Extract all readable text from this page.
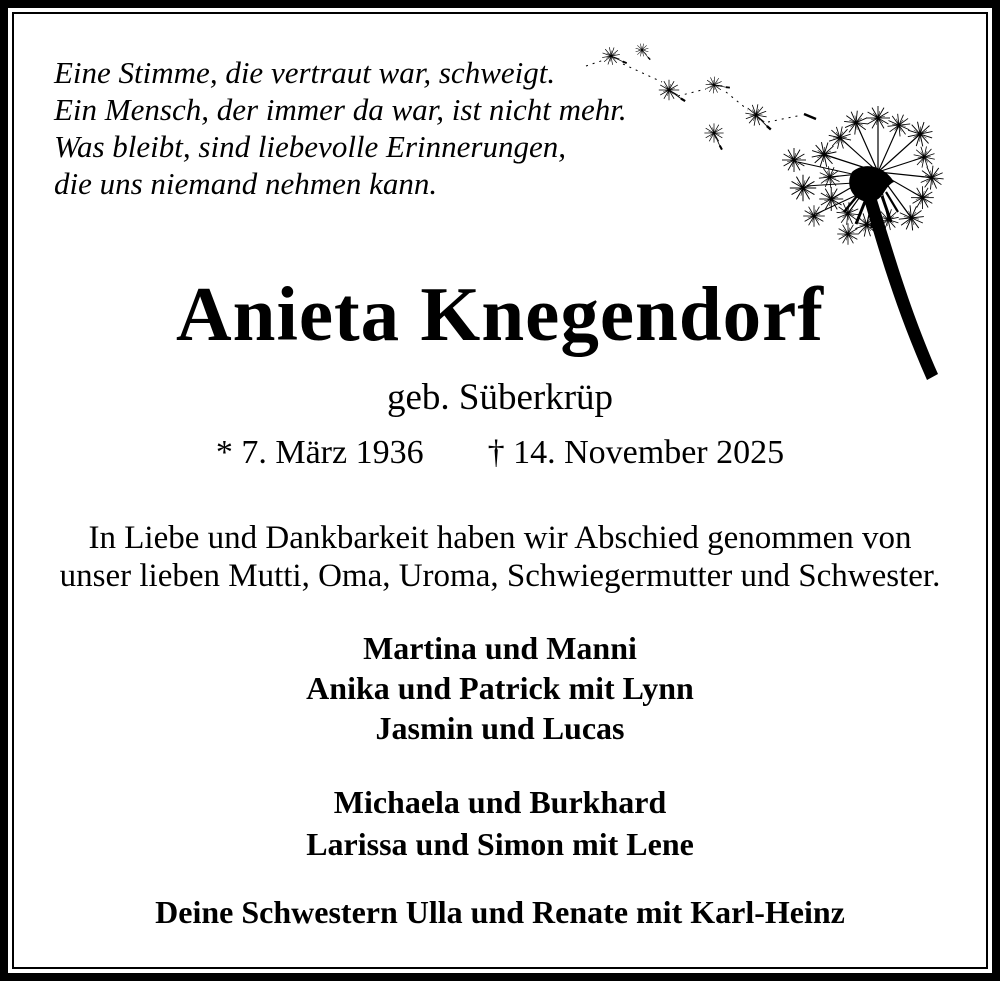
Eine Stimme, die vertraut war, schweigt.
Ein Mensch, der immer da war, ist nicht mehr.
Was bleibt, sind liebevolle Erinnerungen,
die uns niemand nehmen kann.
Anieta Knegendorf
geb. Süberkrüp
* 7. März 1936 † 14. November 2025
In Liebe und Dankbarkeit haben wir Abschied genommen von
unser lieben Mutti, Oma, Uroma, Schwiegermutter und Schwester.
Martina und Manni
Anika und Patrick mit Lynn
Jasmin und Lucas
Michaela und Burkhard
Larissa und Simon mit Lene
Deine Schwestern Ulla und Renate mit Karl-Heinz
